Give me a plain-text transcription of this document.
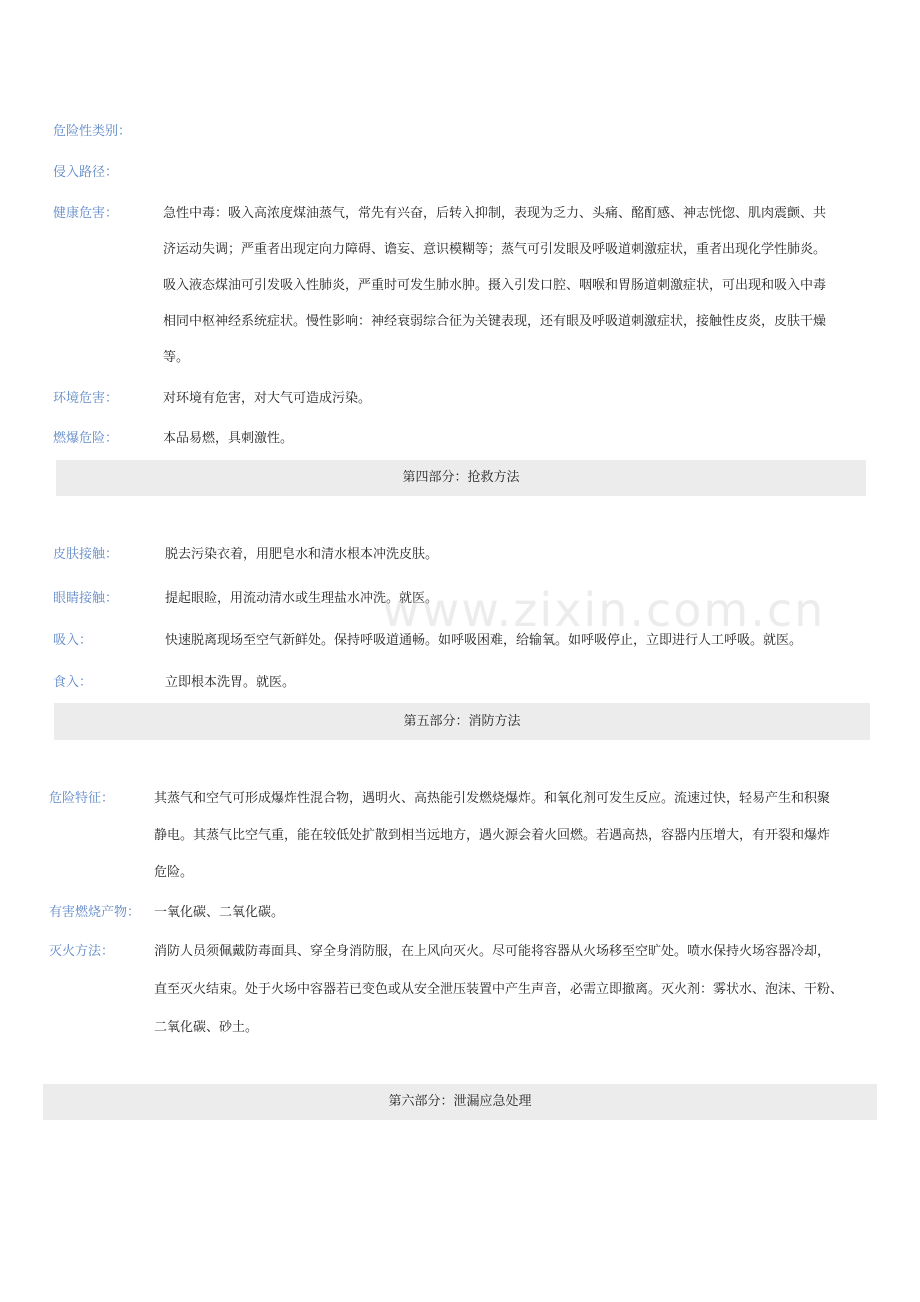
危险性类别：
侵入路径：
健康危害：	急性中毒：吸入高浓度煤油蒸气，常先有兴奋，后转入抑制，表现为乏力、头痛、酩酊感、神志恍惚、肌肉震颤、共
济运动失调；严重者出现定向力障碍、谵妄、意识模糊等；蒸气可引发眼及呼吸道刺激症状，重者出现化学性肺炎。
吸入液态煤油可引发吸入性肺炎，严重时可发生肺水肿。摄入引发口腔、咽喉和胃肠道刺激症状，可出现和吸入中毒
相同中枢神经系统症状。慢性影响：神经衰弱综合征为关键表现，还有眼及呼吸道刺激症状，接触性皮炎，皮肤干燥
等。
环境危害：	对环境有危害，对大气可造成污染。
燃爆危险：	本品易燃，具刺激性。
第四部分：抢救方法
皮肤接触：	脱去污染衣着，用肥皂水和清水根本冲洗皮肤。
眼睛接触：	提起眼睑，用流动清水或生理盐水冲洗。就医。
吸入：	快速脱离现场至空气新鲜处。保持呼吸道通畅。如呼吸困难，给输氧。如呼吸停止，立即进行人工呼吸。就医。
食入：	立即根本洗胃。就医。
第五部分：消防方法
危险特征：	其蒸气和空气可形成爆炸性混合物，遇明火、高热能引发燃烧爆炸。和氧化剂可发生反应。流速过快，轻易产生和积聚
静电。其蒸气比空气重，能在较低处扩散到相当远地方，遇火源会着火回燃。若遇高热，容器内压增大，有开裂和爆炸
危险。
有害燃烧产物： 一氧化碳、二氧化碳。
灭火方法：	消防人员须佩戴防毒面具、穿全身消防服，在上风向灭火。尽可能将容器从火场移至空旷处。喷水保持火场容器冷却，
直至灭火结束。处于火场中容器若已变色或从安全泄压装置中产生声音，必需立即撤离。灭火剂：雾状水、泡沫、干粉、
二氧化碳、砂土。
第六部分：泄漏应急处理
www.zixin.com.cn
